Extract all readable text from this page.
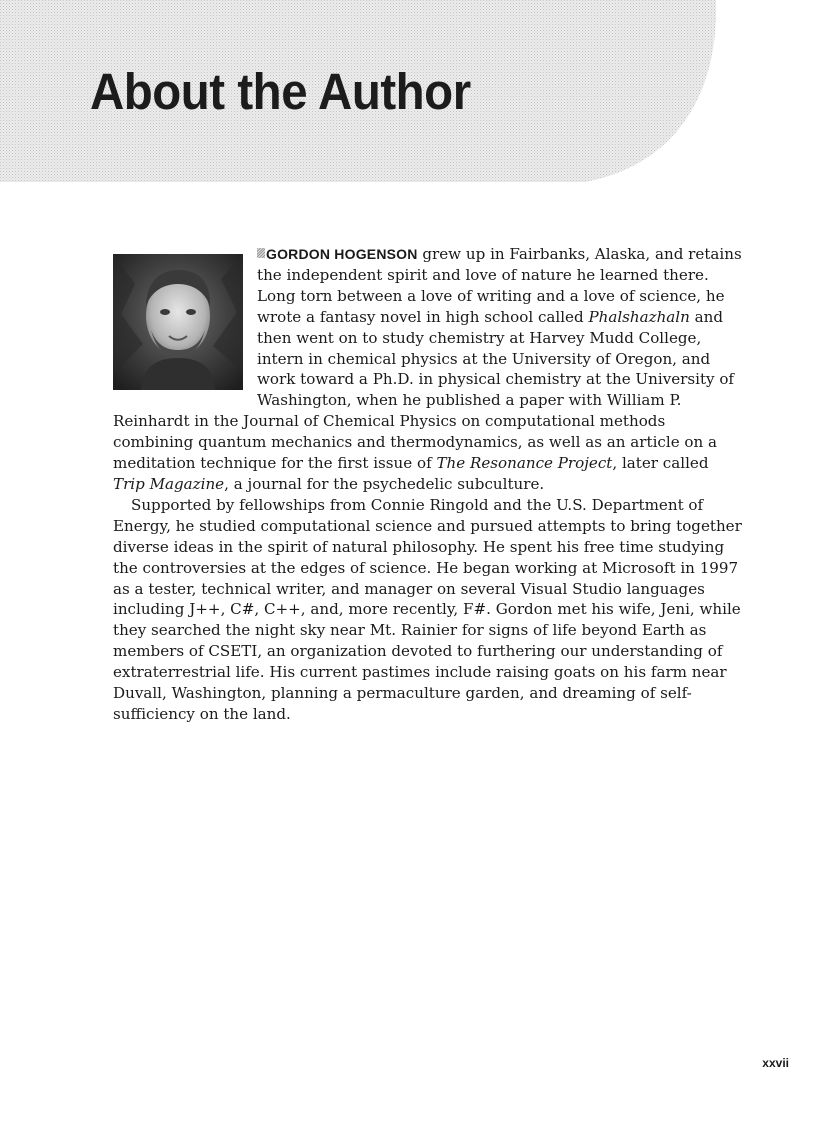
About the Author

GORDON HOGENSON grew up in Fairbanks, Alaska, and retains the independent spirit and love of nature he learned there. Long torn between a love of writing and a love of science, he wrote a fantasy novel in high school called Phalshazhaln and then went on to study chemistry at Harvey Mudd College, intern in chemical physics at the University of Oregon, and work toward a Ph.D. in physical chemistry at the University of Washington, when he published a paper with William P. Reinhardt in the Journal of Chemical Physics on computational methods combining quantum mechanics and thermodynamics, as well as an article on a meditation technique for the first issue of The Resonance Project, later called Trip Magazine, a journal for the psychedelic subculture.

Supported by fellowships from Connie Ringold and the U.S. Department of Energy, he studied computational science and pursued attempts to bring together diverse ideas in the spirit of natural philosophy. He spent his free time studying the controversies at the edges of science. He began working at Microsoft in 1997 as a tester, technical writer, and manager on several Visual Studio languages including J++, C#, C++, and, more recently, F#. Gordon met his wife, Jeni, while they searched the night sky near Mt. Rainier for signs of life beyond Earth as members of CSETI, an organization devoted to furthering our understanding of extraterrestrial life. His current pastimes include raising goats on his farm near Duvall, Washington, planning a permaculture garden, and dreaming of self-sufficiency on the land.

xxvii
